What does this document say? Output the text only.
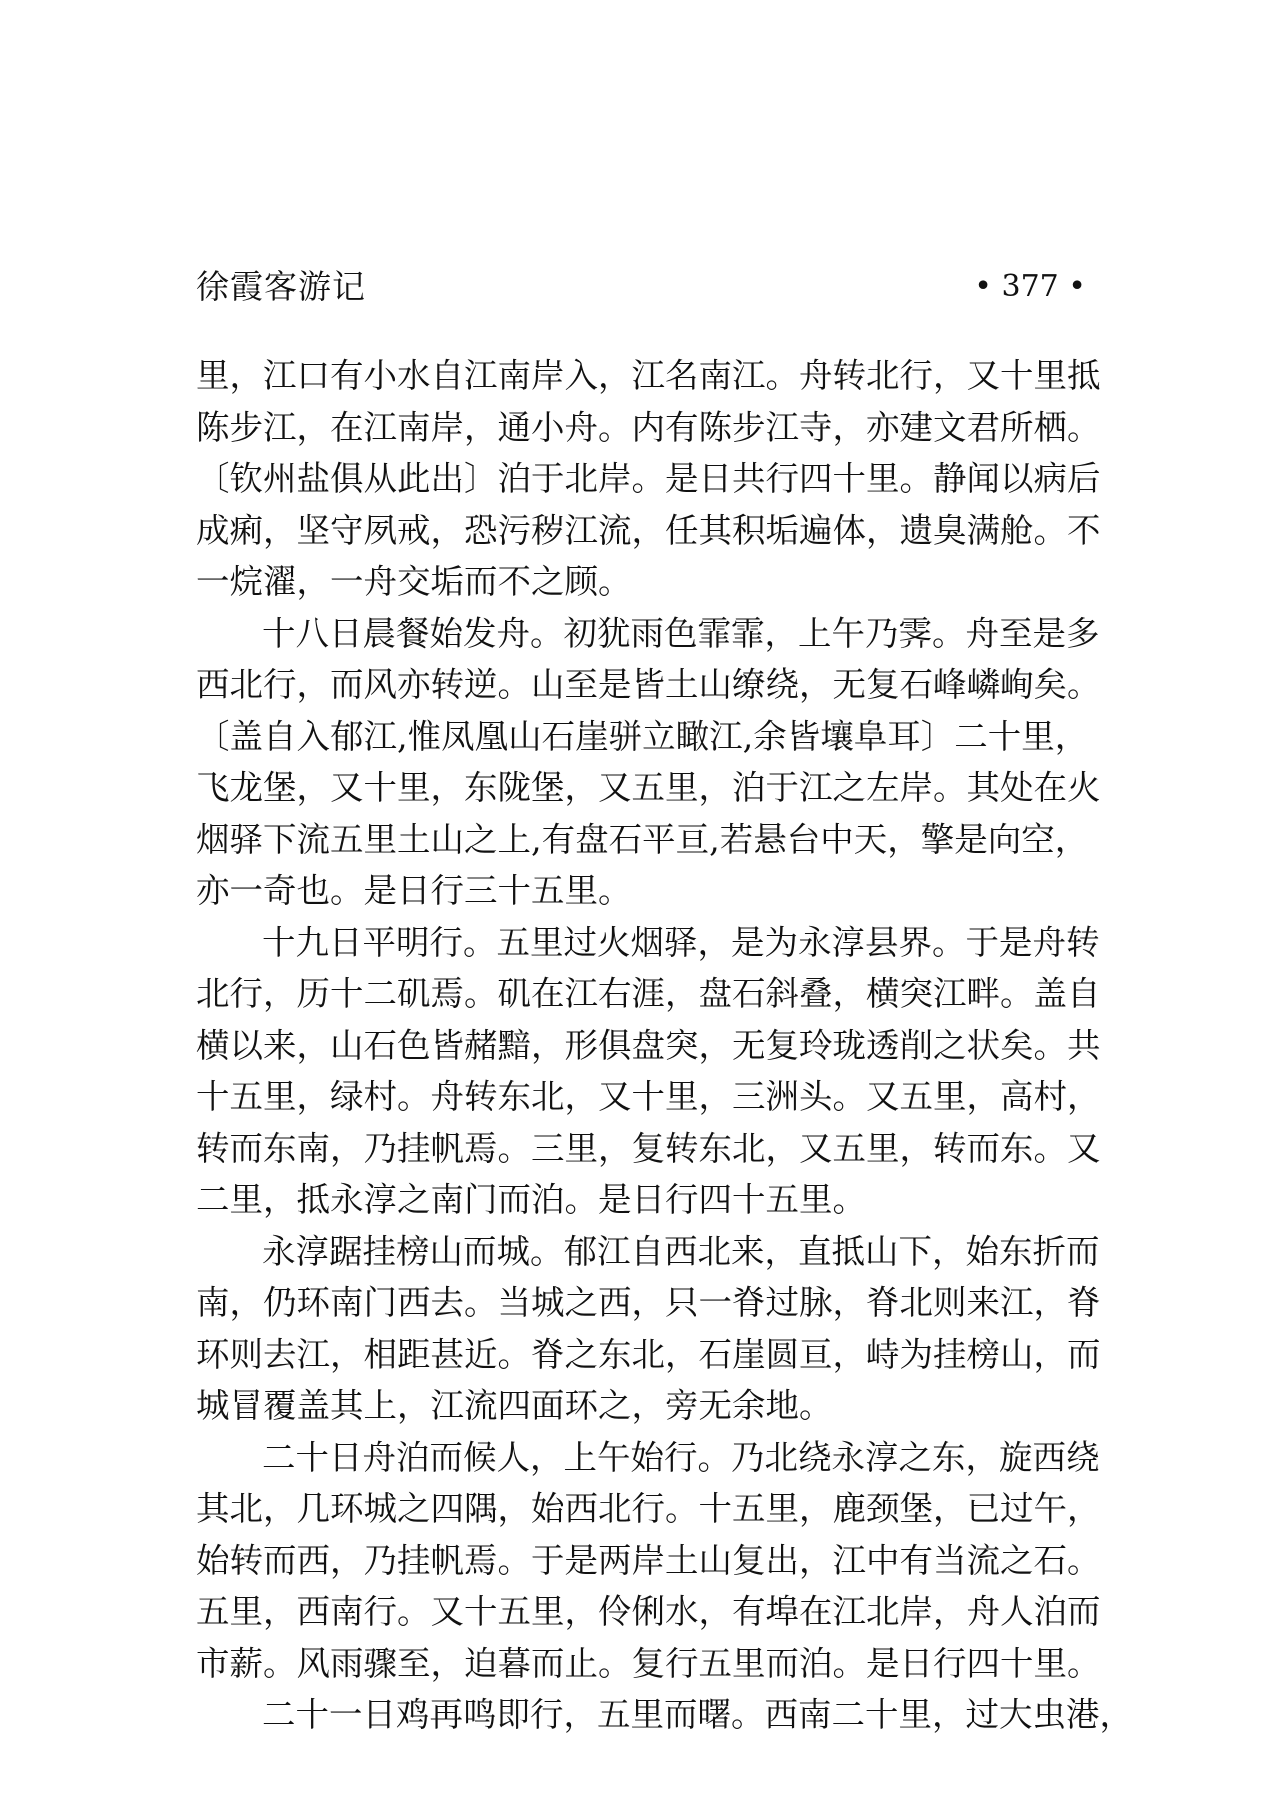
徐霞客游记	• 377 •
里，江口有小水自江南岸入，江名南江。舟转北行，又十里抵
陈步江，在江南岸，通小舟。内有陈步江寺，亦建文君所栖。
〔钦州盐俱从此出〕泊于北岸。是日共行四十里。静闻以病后
成痢，坚守夙戒，恐污秽江流，任其积垢遍体，遗臭满舱。不
一烷濯，一舟交垢而不之顾。
十八日晨餐始发舟。初犹雨色霏霏，上午乃霁。舟至是多
西北行，而风亦转逆。山至是皆土山缭绕，无复石峰嶙峋矣。
〔盖自入郁江,惟凤凰山石崖骈立瞰江,余皆壤阜耳〕二十里，
飞龙堡，又十里，东陇堡，又五里，泊于江之左岸。其处在火
烟驿下流五里土山之上,有盘石平亘,若悬台中天，擎是向空，
亦一奇也。是日行三十五里。
十九日平明行。五里过火烟驿，是为永淳县界。于是舟转
北行，历十二矶焉。矶在江右涯，盘石斜叠，横突江畔。盖自
横以来，山石色皆赭黯，形俱盘突，无复玲珑透削之状矣。共
十五里，绿村。舟转东北，又十里，三洲头。又五里，高村，
转而东南，乃挂帆焉。三里，复转东北，又五里，转而东。又
二里，抵永淳之南门而泊。是日行四十五里。
永淳踞挂榜山而城。郁江自西北来，直抵山下，始东折而
南，仍环南门西去。当城之西，只一脊过脉，脊北则来江，脊
环则去江，相距甚近。脊之东北，石崖圆亘，峙为挂榜山，而
城冒覆盖其上，江流四面环之，旁无余地。
二十日舟泊而候人，上午始行。乃北绕永淳之东，旋西绕
其北，几环城之四隅，始西北行。十五里，鹿颈堡，已过午，
始转而西，乃挂帆焉。于是两岸土山复出，江中有当流之石。
五里，西南行。又十五里，伶俐水，有埠在江北岸，舟人泊而
市薪。风雨骤至，迫暮而止。复行五里而泊。是日行四十里。
二十一日鸡再鸣即行，五里而曙。西南二十里，过大虫港，
